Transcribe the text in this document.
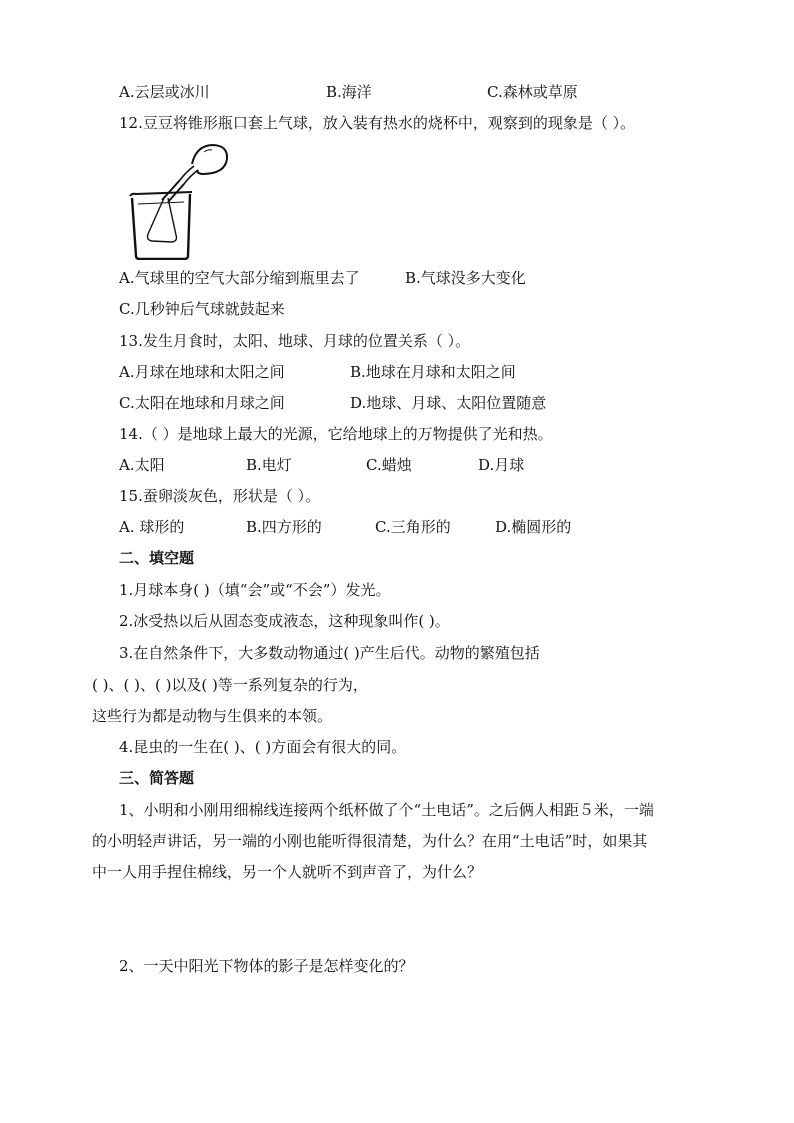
A.云层或冰川	B.海洋	C.森林或草原
12.豆豆将锥形瓶口套上气球，放入装有热水的烧杯中，观察到的现象是（ ）。
A.气球里的空气大部分缩到瓶里去了	B.气球没多大变化
C.几秒钟后气球就鼓起来
13.发生月食时，太阳、地球、月球的位置关系（ ）。
A.月球在地球和太阳之间	B.地球在月球和太阳之间
C.太阳在地球和月球之间	D.地球、月球、太阳位置随意
14.（ ）是地球上最大的光源，它给地球上的万物提供了光和热。
A.太阳	B.电灯	C.蜡烛	D.月球
15.蚕卵淡灰色，形状是（ ）。
A. 球形的	B.四方形的	C.三角形的	D.椭圆形的
二、填空题
1.月球本身( )（填“会”或“不会”）发光。
2.冰受热以后从固态变成液态，这种现象叫作( )。
3.在自然条件下，大多数动物通过( )产生后代。动物的繁殖包括
( )、( )、( )以及( )等一系列复杂的行为，
这些行为都是动物与生俱来的本领。
4.昆虫的一生在( )、( )方面会有很大的同。
三、简答题
1、小明和小刚用细棉线连接两个纸杯做了个“土电话”。之后俩人相距５米，一端
的小明轻声讲话，另一端的小刚也能听得很清楚，为什么？在用“土电话”时，如果其
中一人用手捏住棉线，另一个人就听不到声音了，为什么？
2、一天中阳光下物体的影子是怎样变化的？
